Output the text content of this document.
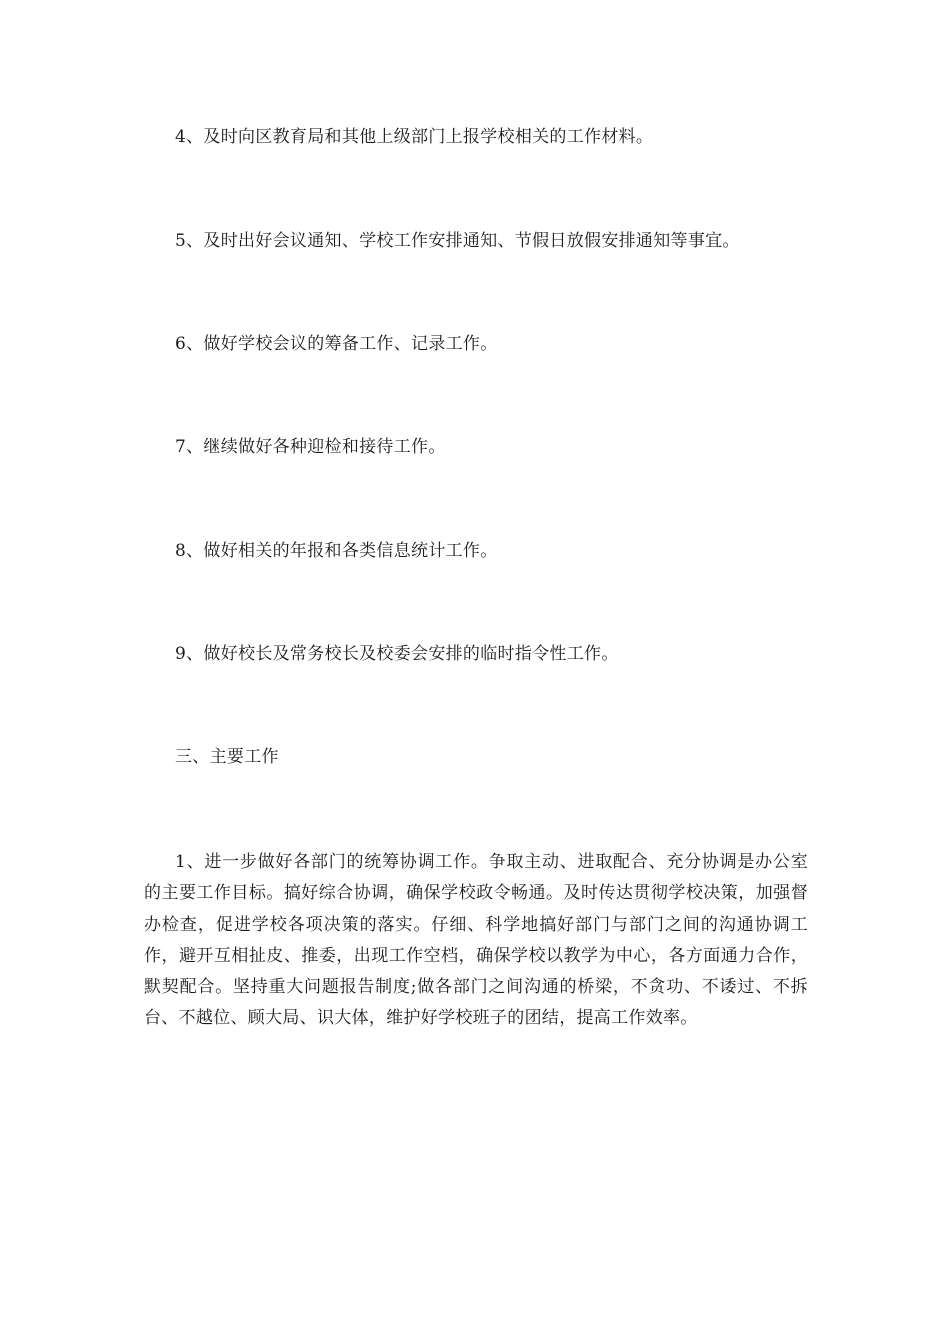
4、及时向区教育局和其他上级部门上报学校相关的工作材料。
5、及时出好会议通知、学校工作安排通知、节假日放假安排通知等事宜。
6、做好学校会议的筹备工作、记录工作。
7、继续做好各种迎检和接待工作。
8、做好相关的年报和各类信息统计工作。
9、做好校长及常务校长及校委会安排的临时指令性工作。
三、主要工作
1、进一步做好各部门的统筹协调工作。争取主动、进取配合、充分协调是办公室的主要工作目标。搞好综合协调，确保学校政令畅通。及时传达贯彻学校决策，加强督办检查，促进学校各项决策的落实。仔细、科学地搞好部门与部门之间的沟通协调工作，避开互相扯皮、推委，出现工作空档，确保学校以教学为中心，各方面通力合作，默契配合。坚持重大问题报告制度;做各部门之间沟通的桥梁，不贪功、不诿过、不拆台、不越位、顾大局、识大体，维护好学校班子的团结，提高工作效率。
